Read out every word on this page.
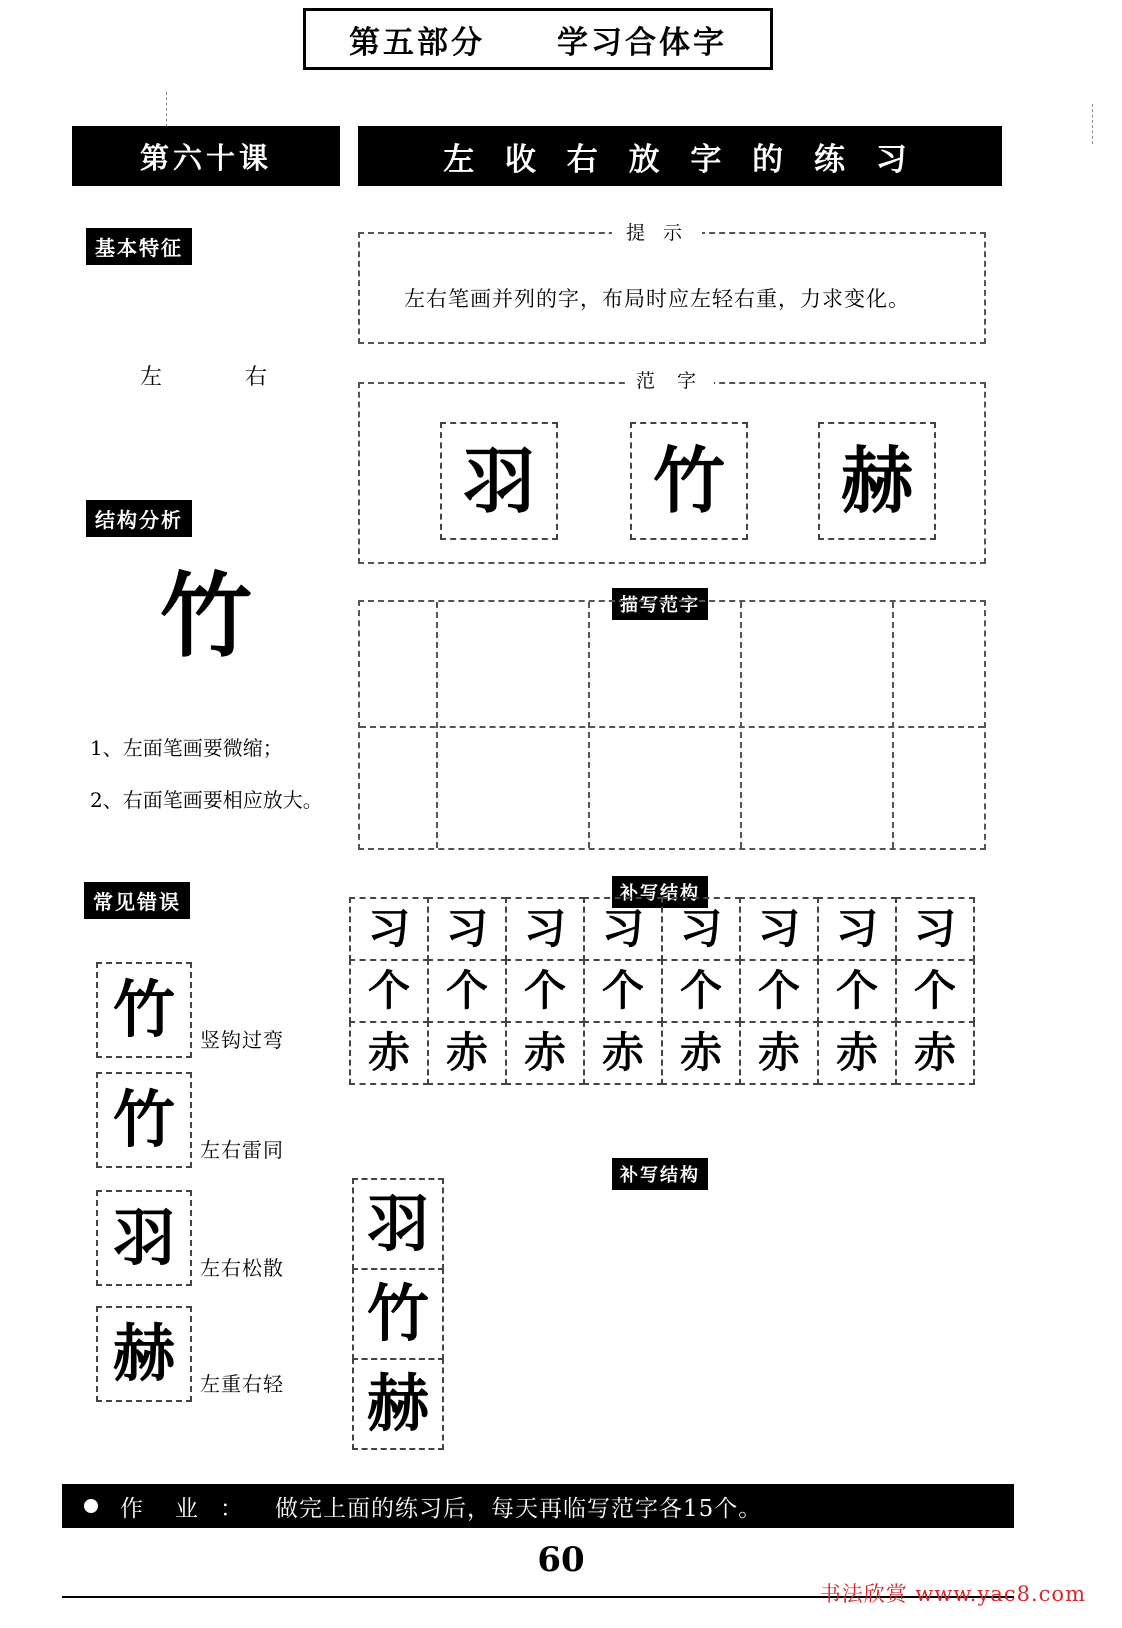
第五部分 学习合体字
第六十课	左 收 右 放 字 的 练 习
基本特征
结构分析
常见错误
提 示
左右笔画并列的字，布局时应左轻右重，力求变化。
左 右	范 字
羽 竹 赫
描写范字
竹
1、左面笔画要微缩；
2、右面笔画要相应放大。
竹	竖钩过弯
竹	左右雷同
羽	左右松散
赫	左重右轻
补写结构
习 习 习 习 习 习 习 习
个 个 个 个 个 个 个 个
赤 赤 赤 赤 赤 赤 赤 赤
补写结构
羽
竹
赫
作 业： 做完上面的练习后，每天再临写范字各15个。
60
书法欣赏 www.yac8.com
